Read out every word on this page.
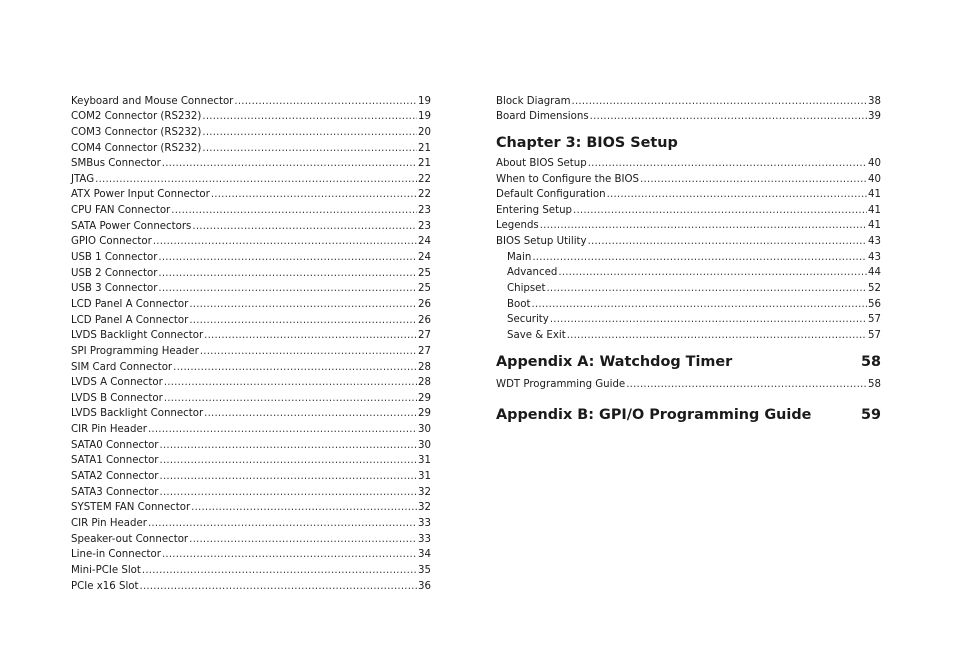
Keyboard and Mouse Connector .....	19
COM2 Connector (RS232) .....	19
COM3 Connector (RS232) .....	20
COM4 Connector (RS232) .....	21
SMBus Connector .....	21
JTAG .....	22
ATX Power Input Connector .....	22
CPU FAN Connector .....	23
SATA Power Connectors .....	23
GPIO Connector .....	24
USB 1 Connector .....	24
USB 2 Connector .....	25
USB 3 Connector .....	25
LCD Panel A Connector .....	26
LCD Panel A Connector .....	26
LVDS Backlight Connector .....	27
SPI Programming Header .....	27
SIM Card Connector .....	28
LVDS A Connector .....	28
LVDS B Connector .....	29
LVDS Backlight Connector .....	29
CIR Pin Header .....	30
SATA0 Connector .....	30
SATA1 Connector .....	31
SATA2 Connector .....	31
SATA3 Connector .....	32
SYSTEM FAN Connector .....	32
CIR Pin Header .....	33
Speaker-out Connector .....	33
Line-in Connector .....	34
Mini-PCIe Slot .....	35
PCIe x16 Slot .....	36
Block Diagram .....	38
Board Dimensions .....	39
Chapter 3: BIOS Setup
About BIOS Setup .....	40
When to Configure the BIOS .....	40
Default Configuration .....	41
Entering Setup .....	41
Legends .....	41
BIOS Setup Utility .....	43
Main .....	43
Advanced .....	44
Chipset .....	52
Boot .....	56
Security .....	57
Save & Exit .....	57
Appendix A: Watchdog Timer	58
WDT Programming Guide .....	58
Appendix B: GPI/O Programming Guide	59
